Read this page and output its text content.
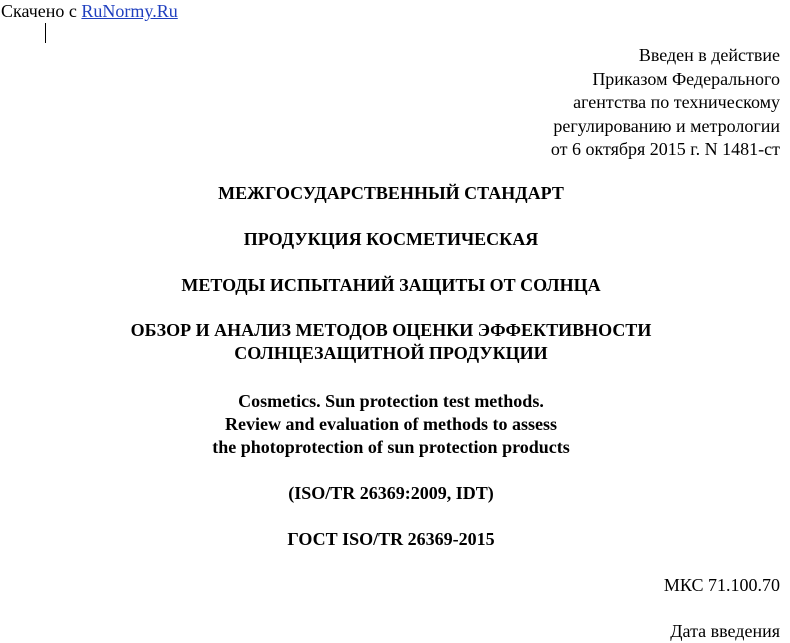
Скачено с RuNormy.Ru
Введен в действие
Приказом Федерального
агентства по техническому
регулированию и метрологии
от 6 октября 2015 г. N 1481-ст
МЕЖГОСУДАРСТВЕННЫЙ СТАНДАРТ
ПРОДУКЦИЯ КОСМЕТИЧЕСКАЯ
МЕТОДЫ ИСПЫТАНИЙ ЗАЩИТЫ ОТ СОЛНЦА
ОБЗОР И АНАЛИЗ МЕТОДОВ ОЦЕНКИ ЭФФЕКТИВНОСТИ
СОЛНЦЕЗАЩИТНОЙ ПРОДУКЦИИ
Cosmetics. Sun protection test methods.
Review and evaluation of methods to assess
the photoprotection of sun protection products
(ISO/TR 26369:2009, IDT)
ГОСТ ISO/TR 26369-2015
МКС 71.100.70
Дата введения
